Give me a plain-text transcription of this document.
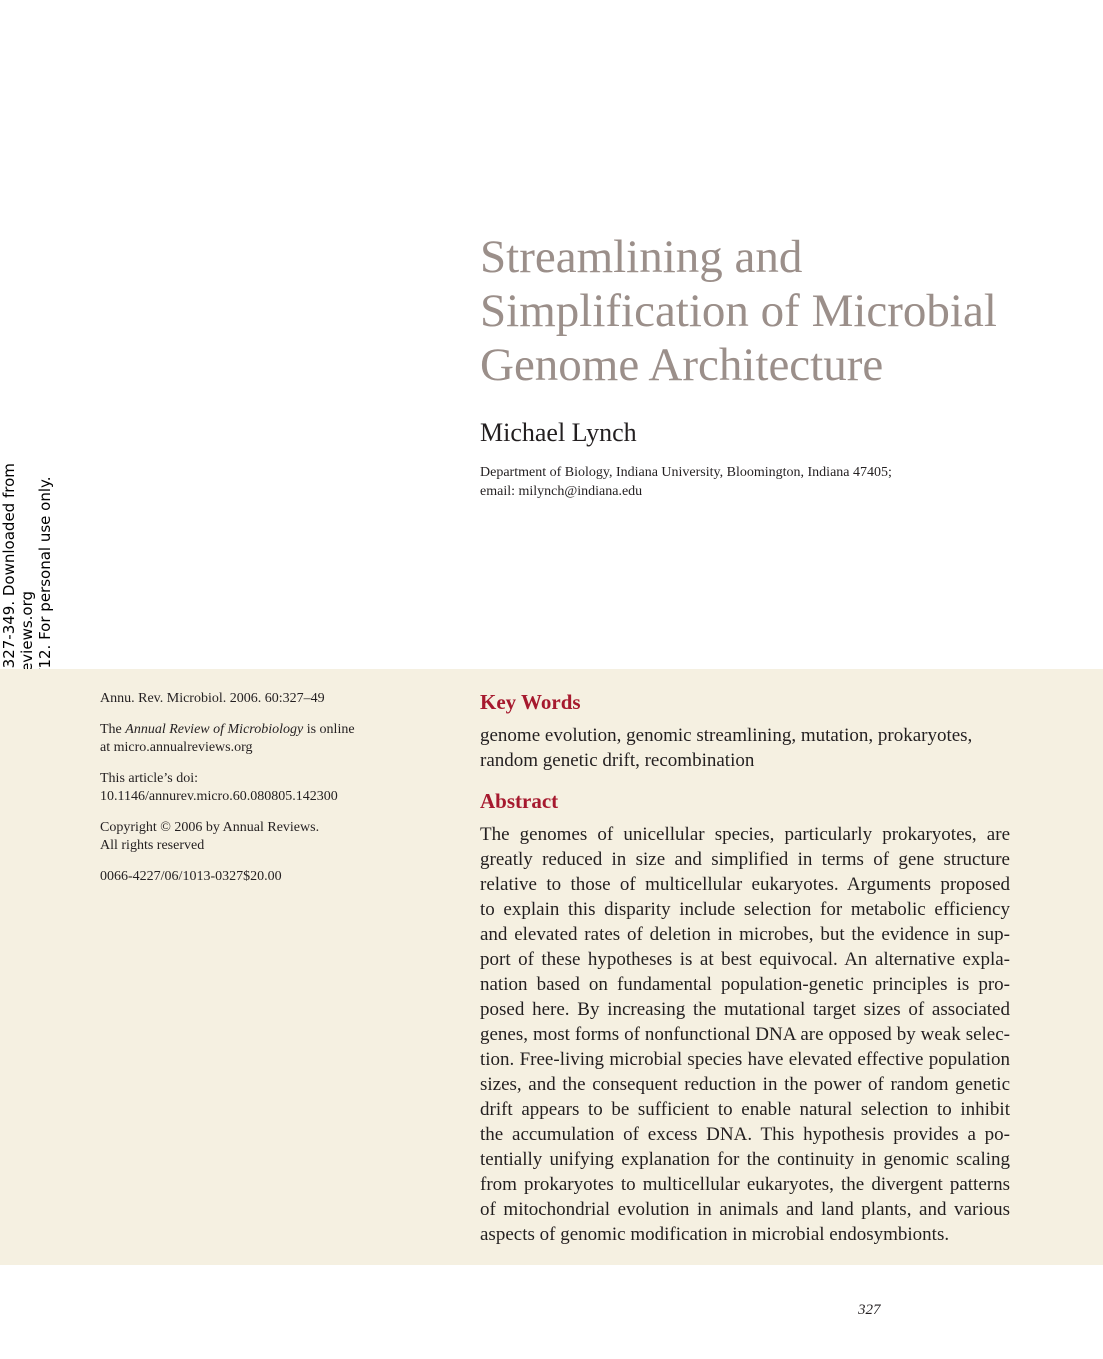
Streamlining and
Simplification of Microbial
Genome Architecture
Michael Lynch
Department of Biology, Indiana University, Bloomington, Indiana 47405;
email: milynch@indiana.edu

Annu. Rev. Microbiol. 2006. 60:327–49

The Annual Review of Microbiology is online
at micro.annualreviews.org

This article’s doi:
10.1146/annurev.micro.60.080805.142300

Copyright © 2006 by Annual Reviews.
All rights reserved

0066-4227/06/1013-0327$20.00

Key Words
genome evolution, genomic streamlining, mutation, prokaryotes,
random genetic drift, recombination
Abstract
The genomes of unicellular species, particularly prokaryotes, are
greatly reduced in size and simplified in terms of gene structure
relative to those of multicellular eukaryotes. Arguments proposed
to explain this disparity include selection for metabolic efficiency
and elevated rates of deletion in microbes, but the evidence in sup-
port of these hypotheses is at best equivocal. An alternative expla-
nation based on fundamental population-genetic principles is pro-
posed here. By increasing the mutational target sizes of associated
genes, most forms of nonfunctional DNA are opposed by weak selec-
tion. Free-living microbial species have elevated effective population
sizes, and the consequent reduction in the power of random genetic
drift appears to be sufficient to enable natural selection to inhibit
the accumulation of excess DNA. This hypothesis provides a po-
tentially unifying explanation for the continuity in genomic scaling
from prokaryotes to multicellular eukaryotes, the divergent patterns
of mitochondrial evolution in animals and land plants, and various
aspects of genomic modification in microbial endosymbionts.
327
